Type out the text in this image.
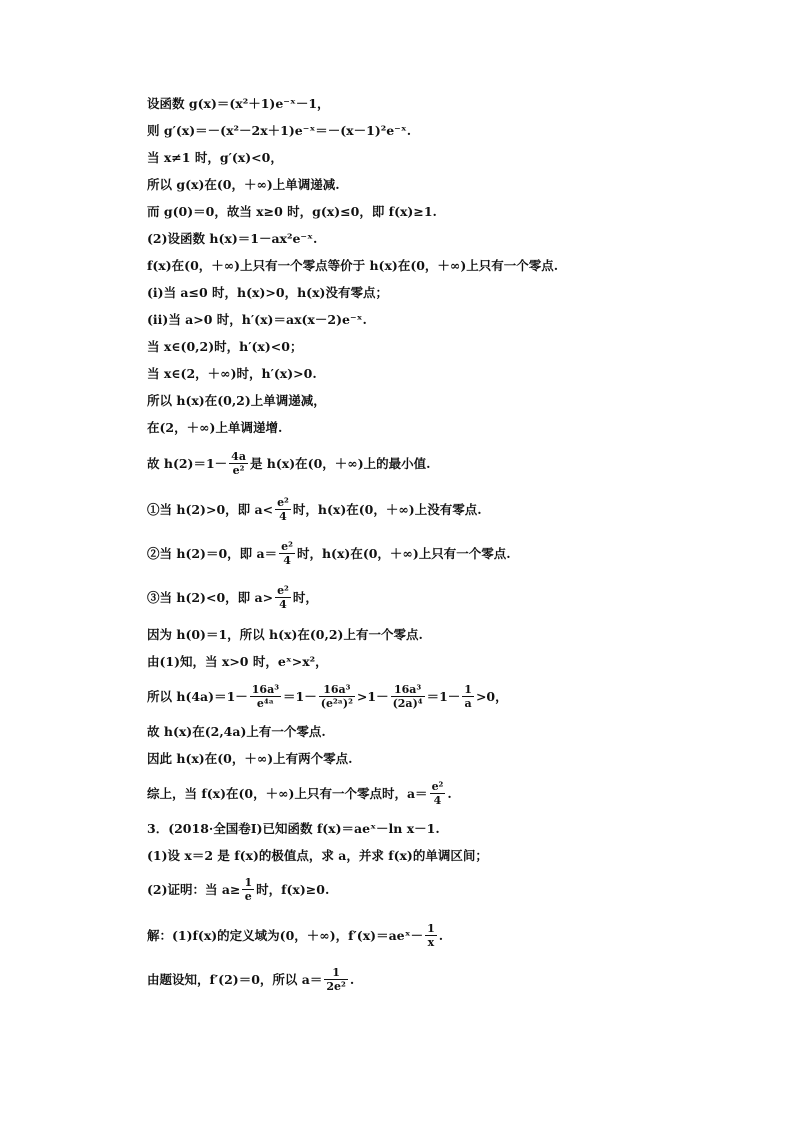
设函数 g(x)＝(x²＋1)e⁻ˣ－1，
则 g′(x)＝－(x²－2x＋1)e⁻ˣ＝－(x－1)²e⁻ˣ.
当 x≠1 时，g′(x)<0，
所以 g(x)在(0，＋∞)上单调递减.
而 g(0)＝0，故当 x≥0 时，g(x)≤0，即 f(x)≥1.
(2)设函数 h(x)＝1－ax²e⁻ˣ.
f(x)在(0，＋∞)上只有一个零点等价于 h(x)在(0，＋∞)上只有一个零点.
(ⅰ)当 a≤0 时，h(x)>0，h(x)没有零点；
(ⅱ)当 a>0 时，h′(x)＝ax(x－2)e⁻ˣ.
当 x∈(0,2)时，h′(x)<0；
当 x∈(2，＋∞)时，h′(x)>0.
所以 h(x)在(0,2)上单调递减，
在(2，＋∞)上单调递增.
故 $h(2)=1- \frac{4a}{\text{e²}}$ 是 h(x)在(0，＋∞)上的最小值.
①当 h(2)>0，即 $a< \frac{\text{e²}}{4}$ 时，h(x)在(0，＋∞)上没有零点.
②当 h(2)＝0，即 $a= \frac{\text{e²}}{4}$ 时，h(x)在(0，＋∞)上只有一个零点.
③当 h(2)<0，即 $a> \frac{\text{e²}}{4}$ 时，
因为 h(0)＝1，所以 h(x)在(0,2)上有一个零点.
由(1)知，当 x>0 时，eˣ>x²，
所以 $h(4a)=1- \frac{\text{16a³}}{\text{e⁴ᵃ}} =1- \frac{\text{16a³}}{\text{(e²ᵃ)²}} >1- \frac{\text{16a³}}{\text{(2a)⁴}} =1- \frac{1}{a} >0$，
故 h(x)在(2,4a)上有一个零点.
因此 h(x)在(0，＋∞)上有两个零点.
综上，当 f(x)在(0，＋∞)上只有一个零点时，$a= \frac{\text{e²}}{4}$ .
3．(2018·全国卷Ⅰ)已知函数 f(x)＝aeˣ－ln x－1.
(1)设 x＝2 是 f(x)的极值点，求 a，并求 f(x)的单调区间；
(2)证明：当 $a\ge \frac{1}{e}$ 时，f(x)≥0.
解：(1)f(x)的定义域为(0，＋∞)，f′(x)＝aeˣ－ $\frac{1}{x}$ .
由题设知，f′(2)＝0，所以 $a= \frac{1}{\text{2e²}}$ .
